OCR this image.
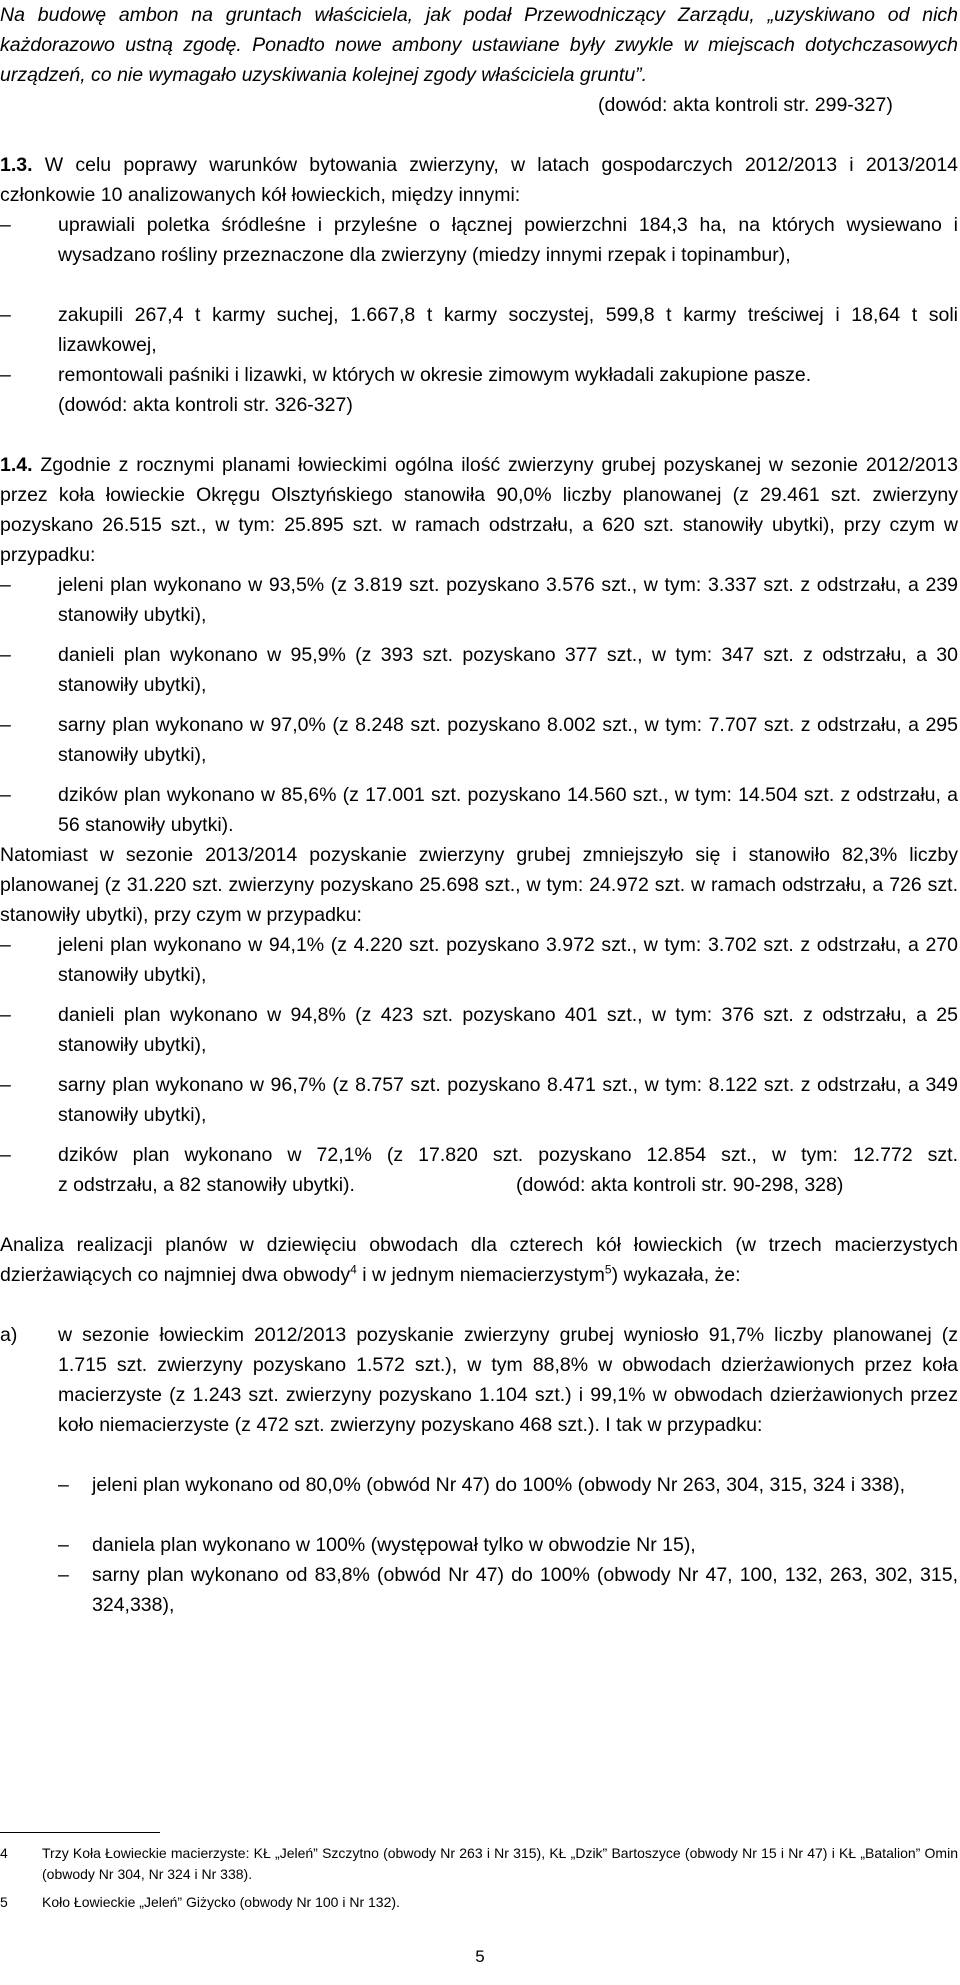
Na budowę ambon na gruntach właściciela, jak podał Przewodniczący Zarządu, „uzyskiwano od nich każdorazowo ustną zgodę. Ponadto nowe ambony ustawiane były zwykle w miejscach dotychczasowych urządzeń, co nie wymagało uzyskiwania kolejnej zgody właściciela gruntu”.
(dowód: akta kontroli str. 299-327)
1.3. W celu poprawy warunków bytowania zwierzyny, w latach gospodarczych 2012/2013 i 2013/2014 członkowie 10 analizowanych kół łowieckich, między innymi:
–	uprawiali poletka śródleśne i przyleśne o łącznej powierzchni 184,3 ha, na których wysiewano i wysadzano rośliny przeznaczone dla zwierzyny (miedzy innymi rzepak i topinambur),
–	zakupili 267,4 t karmy suchej, 1.667,8 t karmy soczystej, 599,8 t karmy treściwej i 18,64 t soli lizawkowej,
–	remontowali paśniki i lizawki, w których w okresie zimowym wykładali zakupione pasze.
(dowód: akta kontroli str. 326-327)
1.4. Zgodnie z rocznymi planami łowieckimi ogólna ilość zwierzyny grubej pozyskanej w sezonie 2012/2013 przez koła łowieckie Okręgu Olsztyńskiego stanowiła 90,0% liczby planowanej (z 29.461 szt. zwierzyny pozyskano 26.515 szt., w tym: 25.895 szt. w ramach odstrzału, a 620 szt. stanowiły ubytki), przy czym w przypadku:
–	jeleni plan wykonano w 93,5% (z 3.819 szt. pozyskano 3.576 szt., w tym: 3.337 szt. z odstrzału, a 239 stanowiły ubytki),
–	danieli plan wykonano w 95,9% (z 393 szt. pozyskano 377 szt., w tym: 347 szt. z odstrzału, a 30 stanowiły ubytki),
–	sarny plan wykonano w 97,0% (z 8.248 szt. pozyskano 8.002 szt., w tym: 7.707 szt. z odstrzału, a 295 stanowiły ubytki),
–	dzików plan wykonano w 85,6% (z 17.001 szt. pozyskano 14.560 szt., w tym: 14.504 szt. z odstrzału, a 56 stanowiły ubytki).
Natomiast w sezonie 2013/2014 pozyskanie zwierzyny grubej zmniejszyło się i stanowiło 82,3% liczby planowanej (z 31.220 szt. zwierzyny pozyskano 25.698 szt., w tym: 24.972 szt. w ramach odstrzału, a 726 szt. stanowiły ubytki), przy czym w przypadku:
–	jeleni plan wykonano w 94,1% (z 4.220 szt. pozyskano 3.972 szt., w tym: 3.702 szt. z odstrzału, a 270 stanowiły ubytki),
–	danieli plan wykonano w 94,8% (z 423 szt. pozyskano 401 szt., w tym: 376 szt. z odstrzału, a 25 stanowiły ubytki),
–	sarny plan wykonano w 96,7% (z 8.757 szt. pozyskano 8.471 szt., w tym: 8.122 szt. z odstrzału, a 349 stanowiły ubytki),
–	dzików plan wykonano w 72,1% (z 17.820 szt. pozyskano 12.854 szt., w tym: 12.772 szt.
z odstrzału, a 82 stanowiły ubytki).	(dowód: akta kontroli str. 90-298, 328)
Analiza realizacji planów w dziewięciu obwodach dla czterech kół łowieckich (w trzech macierzystych dzierżawiących co najmniej dwa obwody$^4$ i w jednym niemacierzystym$^5$) wykazała, że:
a) w sezonie łowieckim 2012/2013 pozyskanie zwierzyny grubej wyniosło 91,7% liczby planowanej (z 1.715 szt. zwierzyny pozyskano 1.572 szt.), w tym 88,8% w obwodach dzierżawionych przez koła macierzyste (z 1.243 szt. zwierzyny pozyskano 1.104 szt.) i 99,1% w obwodach dzierżawionych przez koło niemacierzyste (z 472 szt. zwierzyny pozyskano 468 szt.). I tak w przypadku:
– jeleni plan wykonano od 80,0% (obwód Nr 47) do 100% (obwody Nr 263, 304, 315, 324 i 338),
– daniela plan wykonano w 100% (występował tylko w obwodzie Nr 15),
– sarny plan wykonano od 83,8% (obwód Nr 47) do 100% (obwody Nr 47, 100, 132, 263, 302, 315, 324,338),
4 Trzy Koła Łowieckie macierzyste: KŁ „Jeleń” Szczytno (obwody Nr 263 i Nr 315), KŁ „Dzik” Bartoszyce (obwody Nr 15 i Nr 47) i KŁ „Batalion” Omin (obwody Nr 304, Nr 324 i Nr 338).
5 Koło Łowieckie „Jeleń” Giżycko (obwody Nr 100 i Nr 132).
5
